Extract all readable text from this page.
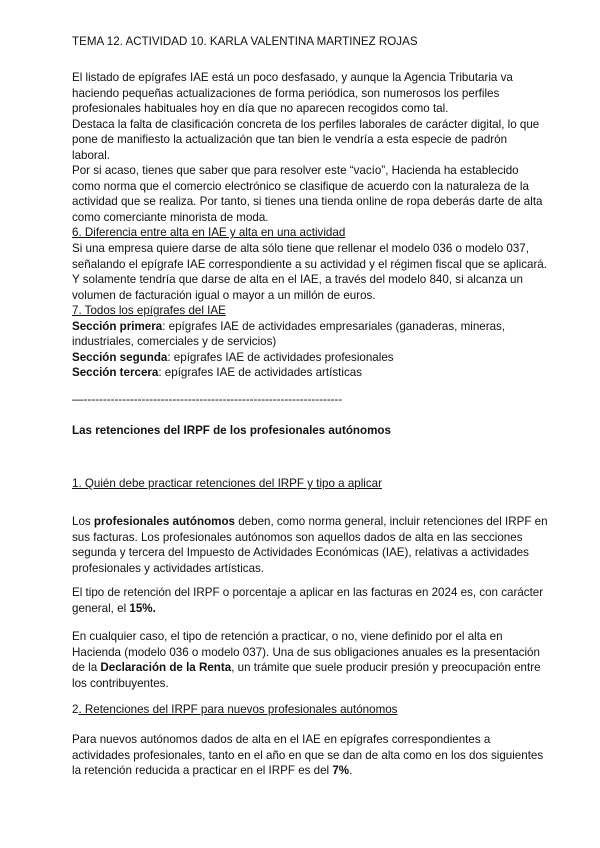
TEMA 12. ACTIVIDAD 10. KARLA VALENTINA MARTINEZ ROJAS
El listado de epígrafes IAE está un poco desfasado, y aunque la Agencia Tributaria va
haciendo pequeñas actualizaciones de forma periódica, son numerosos los perfiles
profesionales habituales hoy en día que no aparecen recogidos como tal.
Destaca la falta de clasificación concreta de los perfiles laborales de carácter digital, lo que
pone de manifiesto la actualización que tan bien le vendría a esta especie de padrón
laboral.
Por si acaso, tienes que saber que para resolver este “vacío”, Hacienda ha establecido
como norma que el comercio electrónico se clasifique de acuerdo con la naturaleza de la
actividad que se realiza. Por tanto, si tienes una tienda online de ropa deberás darte de alta
como comerciante minorista de moda.
6. Diferencia entre alta en IAE y alta en una actividad
Si una empresa quiere darse de alta sólo tiene que rellenar el modelo 036 o modelo 037,
señalando el epígrafe IAE correspondiente a su actividad y el régimen fiscal que se aplicará.
Y solamente tendría que darse de alta en el IAE, a través del modelo 840, si alcanza un
volumen de facturación igual o mayor a un millón de euros.
7. Todos los epígrafes del IAE
Sección primera: epígrafes IAE de actividades empresariales (ganaderas, mineras,
industriales, comerciales y de servicios)
Sección segunda: epígrafes IAE de actividades profesionales
Sección tercera: epígrafes IAE de actividades artísticas
—-------------------------------------------------------------------
Las retenciones del IRPF de los profesionales autónomos
1. Quién debe practicar retenciones del IRPF y tipo a aplicar
Los profesionales autónomos deben, como norma general, incluir retenciones del IRPF en
sus facturas. Los profesionales autónomos son aquellos dados de alta en las secciones
segunda y tercera del Impuesto de Actividades Económicas (IAE), relativas a actividades
profesionales y actividades artísticas.
El tipo de retención del IRPF o porcentaje a aplicar en las facturas en 2024 es, con carácter
general, el 15%.
En cualquier caso, el tipo de retención a practicar, o no, viene definido por el alta en
Hacienda (modelo 036 o modelo 037). Una de sus obligaciones anuales es la presentación
de la Declaración de la Renta, un trámite que suele producir presión y preocupación entre
los contribuyentes.
2. Retenciones del IRPF para nuevos profesionales autónomos
Para nuevos autónomos dados de alta en el IAE en epígrafes correspondientes a
actividades profesionales, tanto en el año en que se dan de alta como en los dos siguientes
la retención reducida a practicar en el IRPF es del 7%.
